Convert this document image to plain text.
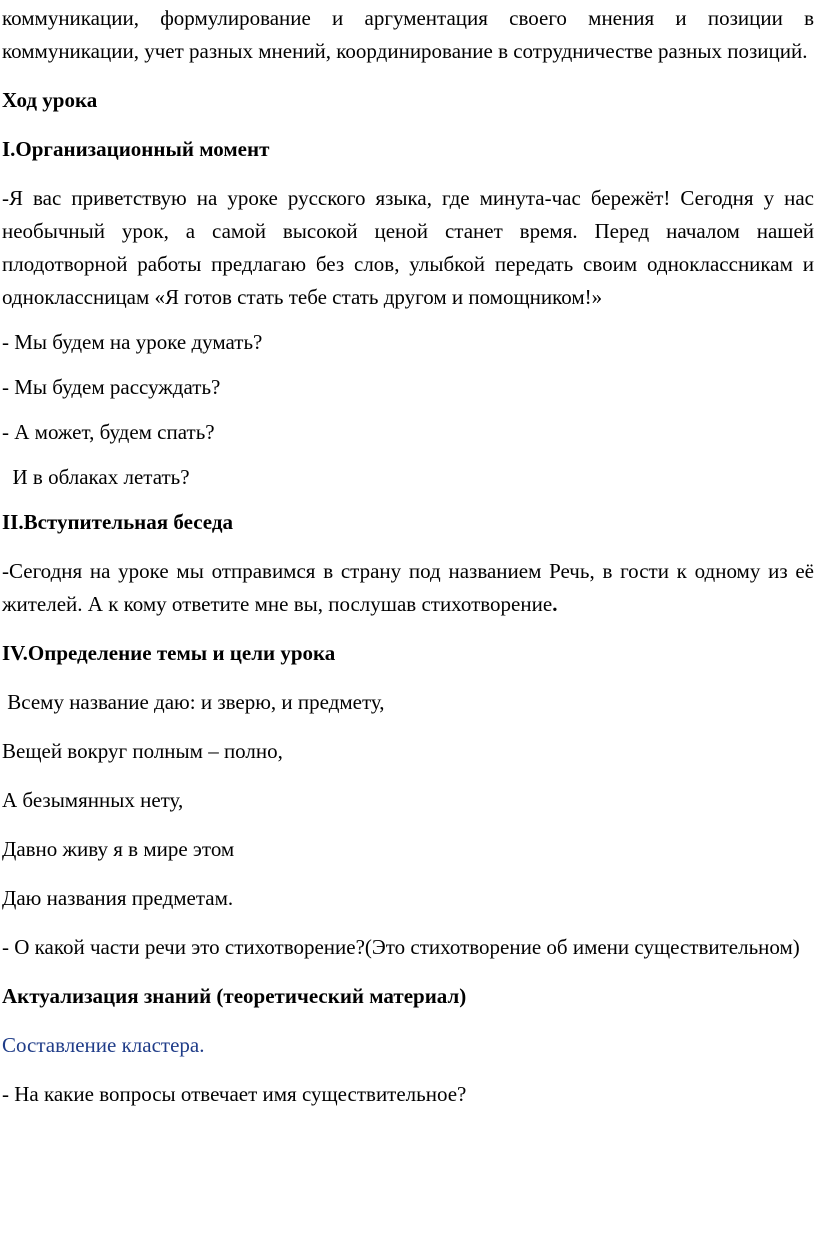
коммуникации, формулирование и аргументация своего мнения и позиции в коммуникации, учет разных мнений, координирование в сотрудничестве разных позиций.

Ход урока

I.Организационный момент

-Я вас приветствую на уроке русского языка, где минута-час бережёт! Сегодня у нас необычный урок, а самой высокой ценой станет время. Перед началом нашей плодотворной работы предлагаю без слов, улыбкой передать своим одноклассникам и одноклассницам «Я готов стать тебе стать другом и помощником!»

- Мы будем на уроке думать?

- Мы будем рассуждать?

- А может, будем спать?

И в облаках летать?

II.Вступительная беседа

-Сегодня на уроке мы отправимся в страну под названием Речь, в гости к одному из её жителей. А к кому ответите мне вы, послушав стихотворение.

IV.Определение темы и цели урока

Всему название даю: и зверю, и предмету,

Вещей вокруг полным – полно,

А безымянных нету,

Давно живу я в мире этом

Даю названия предметам.

- О какой части речи это стихотворение?(Это стихотворение об имени существительном)

Актуализация знаний (теоретический материал)

Составление кластера.

- На какие вопросы отвечает имя существительное?
